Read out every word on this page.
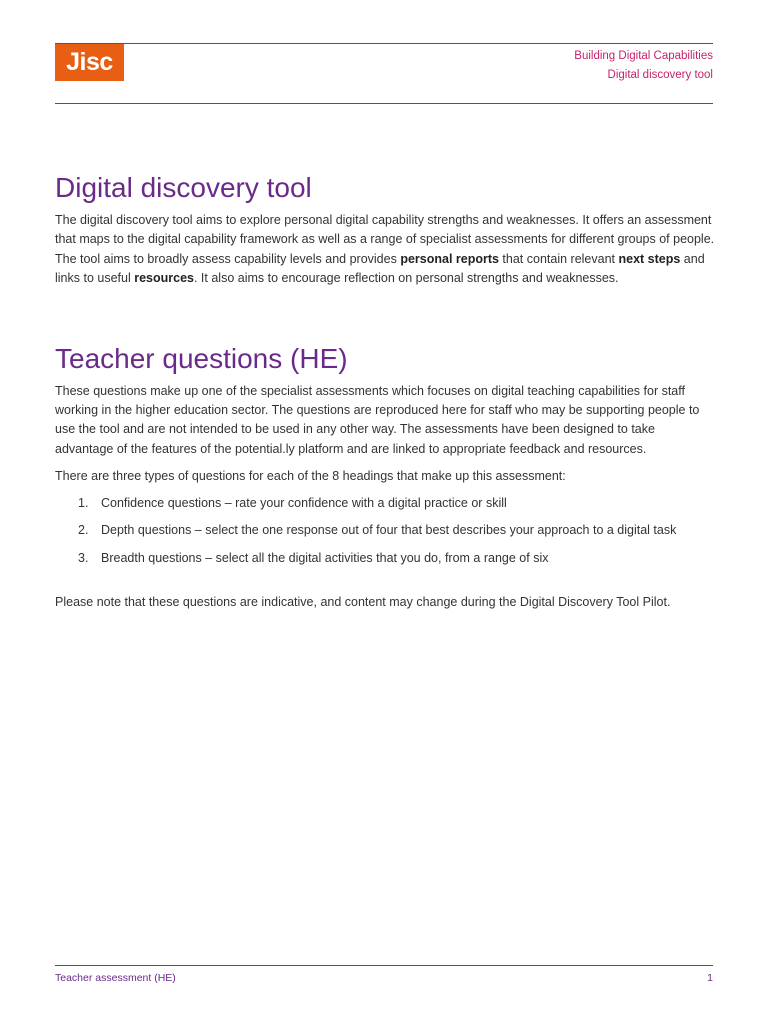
Jisc	Building Digital Capabilities
Digital discovery tool
Digital discovery tool

The digital discovery tool aims to explore personal digital capability strengths and weaknesses. It offers an assessment that maps to the digital capability framework as well as a range of specialist assessments for different groups of people. The tool aims to broadly assess capability levels and provides personal reports that contain relevant next steps and links to useful resources. It also aims to encourage reflection on personal strengths and weaknesses.

Teacher questions (HE)

These questions make up one of the specialist assessments which focuses on digital teaching capabilities for staff working in the higher education sector. The questions are reproduced here for staff who may be supporting people to use the tool and are not intended to be used in any other way. The assessments have been designed to take advantage of the features of the potential.ly platform and are linked to appropriate feedback and resources.

There are three types of questions for each of the 8 headings that make up this assessment:

1. Confidence questions – rate your confidence with a digital practice or skill
2. Depth questions – select the one response out of four that best describes your approach to a digital task
3. Breadth questions – select all the digital activities that you do, from a range of six

Please note that these questions are indicative, and content may change during the Digital Discovery Tool Pilot.

Teacher assessment (HE)	1
